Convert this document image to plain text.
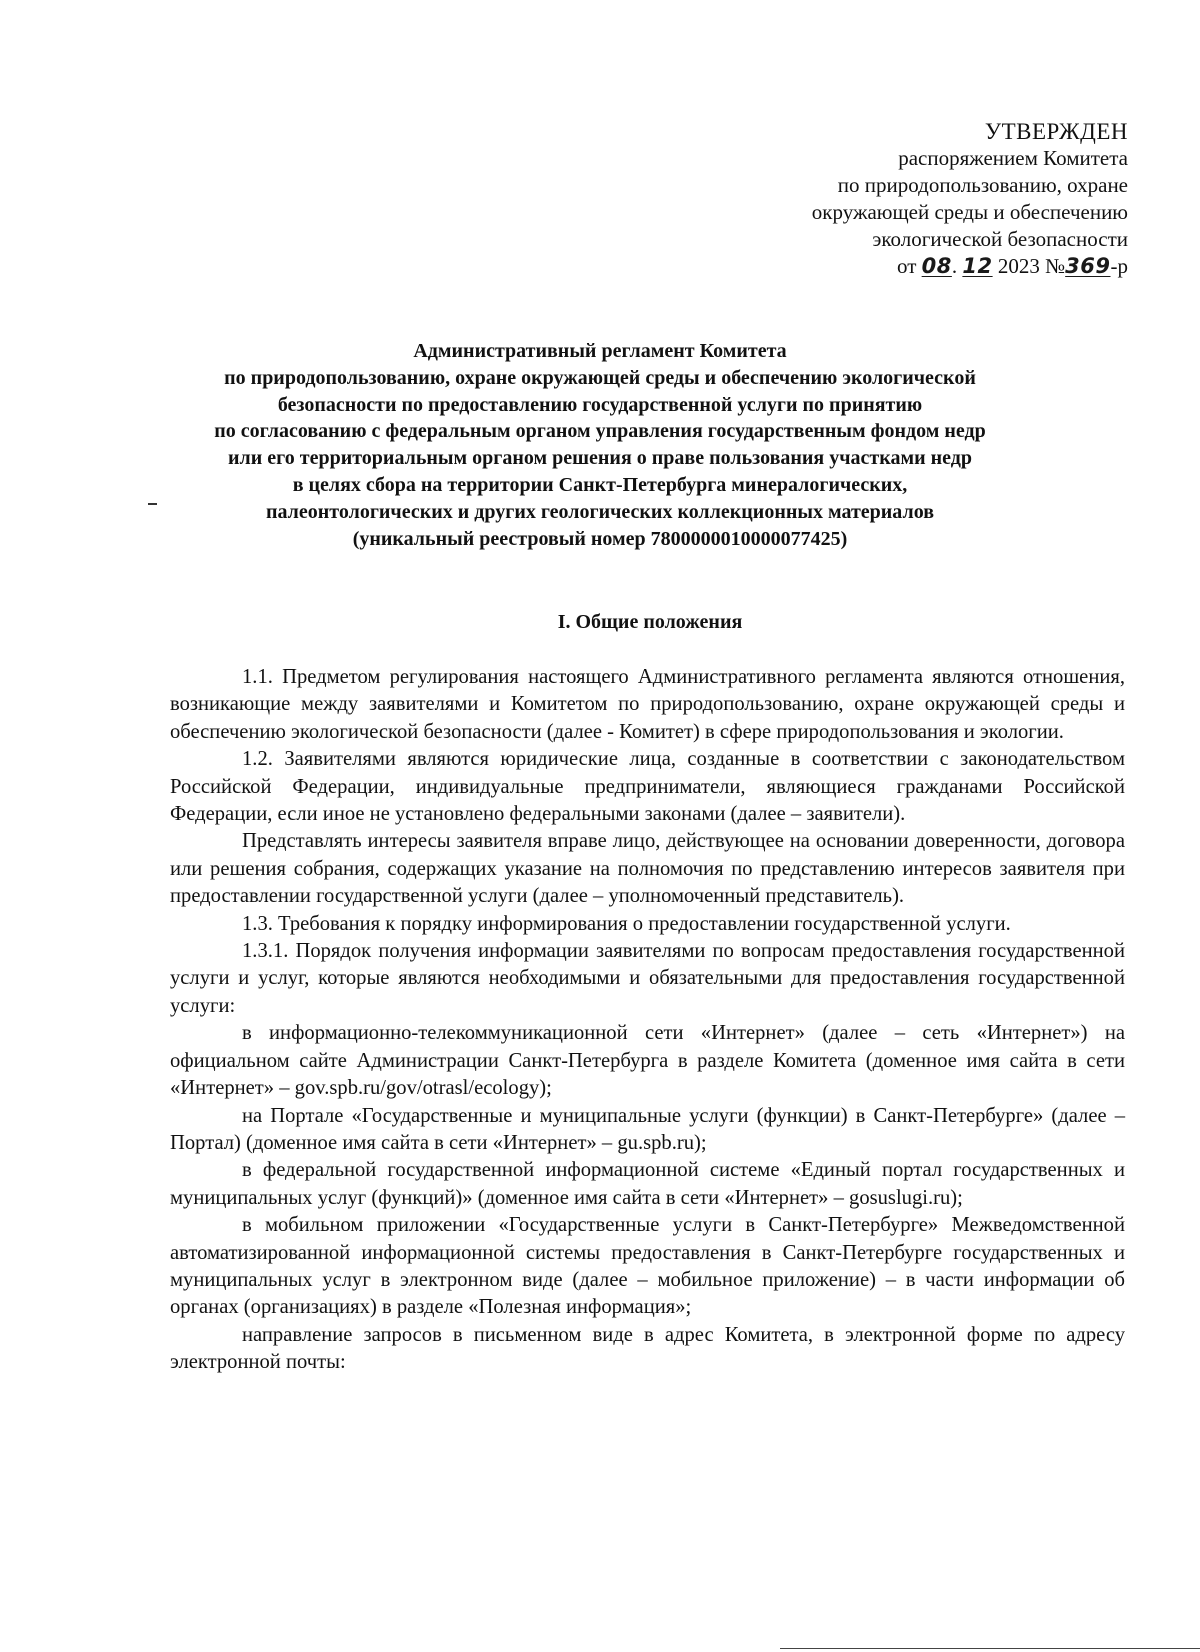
УТВЕРЖДЕН
распоряжением Комитета
по природопользованию, охране
окружающей среды и обеспечению
экологической безопасности
от 08. 12 2023 №369-р
Административный регламент Комитета
по природопользованию, охране окружающей среды и обеспечению экологической
безопасности по предоставлению государственной услуги по принятию
по согласованию с федеральным органом управления государственным фондом недр
или его территориальным органом решения о праве пользования участками недр
в целях сбора на территории Санкт-Петербурга минералогических,
палеонтологических и других геологических коллекционных материалов
(уникальный реестровый номер 7800000010000077425)
I. Общие положения

1.1. Предметом регулирования настоящего Административного регламента являются отношения, возникающие между заявителями и Комитетом по природопользованию, охране окружающей среды и обеспечению экологической безопасности (далее - Комитет) в сфере природопользования и экологии.

1.2. Заявителями являются юридические лица, созданные в соответствии с законодательством Российской Федерации, индивидуальные предприниматели, являющиеся гражданами Российской Федерации, если иное не установлено федеральными законами (далее – заявители).

Представлять интересы заявителя вправе лицо, действующее на основании доверенности, договора или решения собрания, содержащих указание на полномочия по представлению интересов заявителя при предоставлении государственной услуги (далее – уполномоченный представитель).

1.3. Требования к порядку информирования о предоставлении государственной услуги.

1.3.1. Порядок получения информации заявителями по вопросам предоставления государственной услуги и услуг, которые являются необходимыми и обязательными для предоставления государственной услуги:

в информационно-телекоммуникационной сети «Интернет» (далее – сеть «Интернет») на официальном сайте Администрации Санкт-Петербурга в разделе Комитета (доменное имя сайта в сети «Интернет» – gov.spb.ru/gov/otrasl/ecology);

на Портале «Государственные и муниципальные услуги (функции) в Санкт-Петербурге» (далее – Портал) (доменное имя сайта в сети «Интернет» – gu.spb.ru);

в федеральной государственной информационной системе «Единый портал государственных и муниципальных услуг (функций)» (доменное имя сайта в сети «Интернет» – gosuslugi.ru);

в мобильном приложении «Государственные услуги в Санкт-Петербурге» Межведомственной автоматизированной информационной системы предоставления в Санкт-Петербурге государственных и муниципальных услуг в электронном виде (далее – мобильное приложение) – в части информации об органах (организациях) в разделе «Полезная информация»;

направление запросов в письменном виде в адрес Комитета, в электронной форме по адресу электронной почты:
